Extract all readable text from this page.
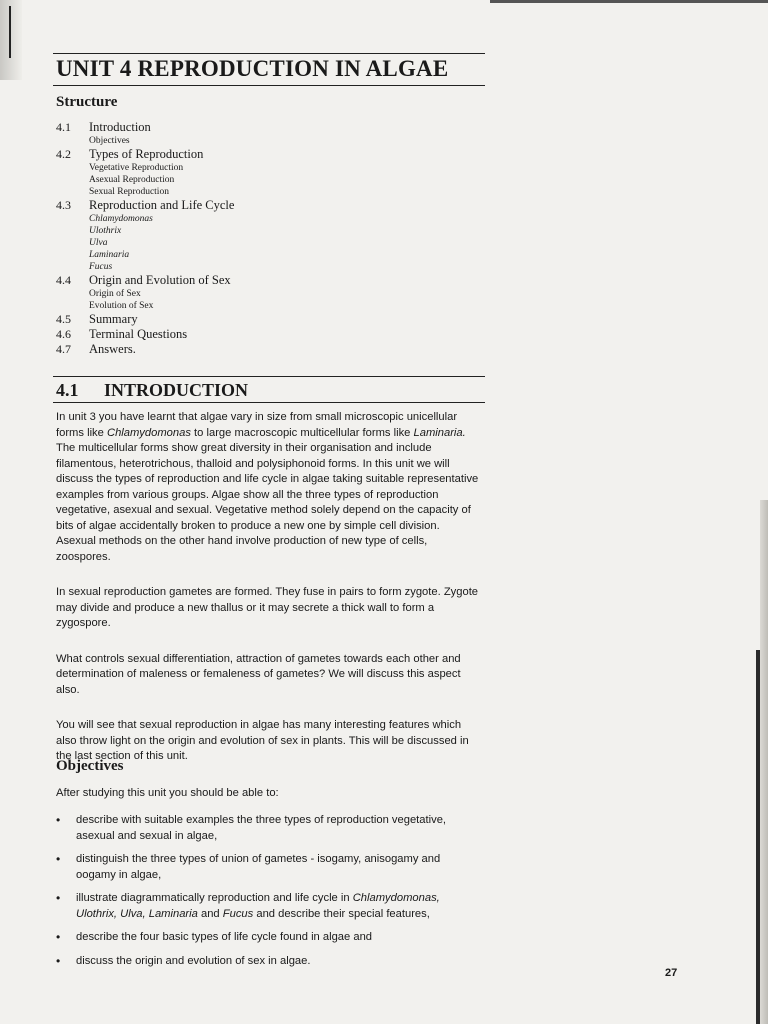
UNIT 4 REPRODUCTION IN ALGAE
Structure
4.1	Introduction
Objectives
4.2	Types of Reproduction
Vegetative Reproduction
Asexual Reproduction
Sexual Reproduction
4.3	Reproduction and Life Cycle
Chlamydomonas
Ulothrix
Ulva
Laminaria
Fucus
4.4	Origin and Evolution of Sex
Origin of Sex
Evolution of Sex
4.5	Summary
4.6	Terminal Questions
4.7	Answers.
4.1 INTRODUCTION

In unit 3 you have learnt that algae vary in size from small microscopic unicellular forms like Chlamydomonas to large macroscopic multicellular forms like Laminaria. The multicellular forms show great diversity in their organisation and include filamentous, heterotrichous, thalloid and polysiphonoid forms. In this unit we will discuss the types of reproduction and life cycle in algae taking suitable representative examples from various groups. Algae show all the three types of reproduction vegetative, asexual and sexual. Vegetative method solely depend on the capacity of bits of algae accidentally broken to produce a new one by simple cell division. Asexual methods on the other hand involve production of new type of cells, zoospores.

In sexual reproduction gametes are formed. They fuse in pairs to form zygote. Zygote may divide and produce a new thallus or it may secrete a thick wall to form a zygospore.

What controls sexual differentiation, attraction of gametes towards each other and determination of maleness or femaleness of gametes? We will discuss this aspect also.

You will see that sexual reproduction in algae has many interesting features which also throw light on the origin and evolution of sex in plants. This will be discussed in the last section of this unit.

Objectives
After studying this unit you should be able to:
• describe with suitable examples the three types of reproduction vegetative, asexual and sexual in algae,
• distinguish the three types of union of gametes - isogamy, anisogamy and oogamy in algae,
• illustrate diagrammatically reproduction and life cycle in Chlamydomonas, Ulothrix, Ulva, Laminaria and Fucus and describe their special features,
• describe the four basic types of life cycle found in algae and
• discuss the origin and evolution of sex in algae.
27
